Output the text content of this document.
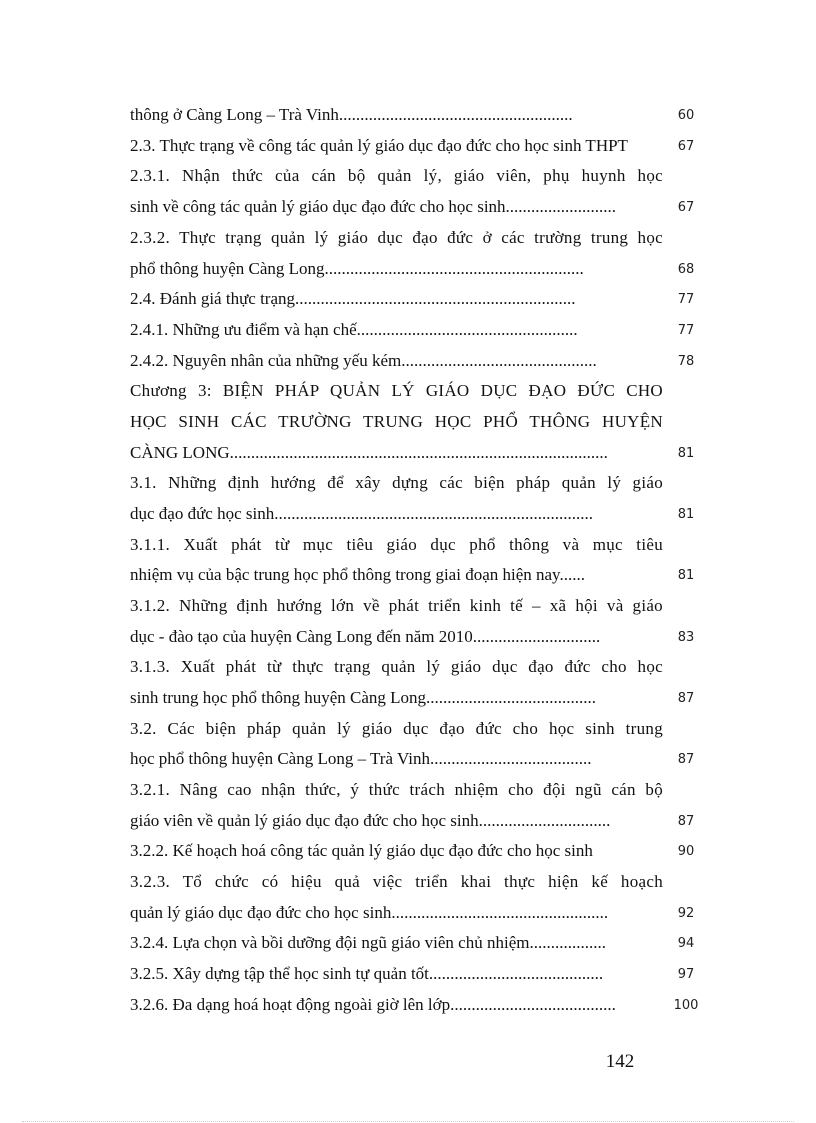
thông ở Càng Long – Trà Vinh.......................................................	60
2.3. Thực trạng về công tác quản lý giáo dục đạo đức cho học sinh THPT	67
2.3.1. Nhận thức của cán bộ quản lý, giáo viên, phụ huynh học
sinh về công tác quản lý giáo dục đạo đức cho học sinh..........................	67
2.3.2. Thực trạng quản lý giáo dục đạo đức ở các trường trung học
phổ thông huyện Càng Long.............................................................	68
2.4. Đánh giá thực trạng..................................................................	77
2.4.1. Những ưu điểm và hạn chế....................................................	77
2.4.2. Nguyên nhân của những yếu kém..............................................	78
Chương 3: BIỆN PHÁP QUẢN LÝ GIÁO DỤC ĐẠO ĐỨC CHO
HỌC SINH CÁC TRƯỜNG TRUNG HỌC PHỔ THÔNG HUYỆN
CÀNG LONG.........................................................................................	81
3.1. Những định hướng để xây dựng các biện pháp quản lý giáo
dục đạo đức học sinh...........................................................................	81
3.1.1. Xuất phát từ mục tiêu giáo dục phổ thông và mục tiêu
nhiệm vụ của bậc trung học phổ thông trong giai đoạn hiện nay......	81
3.1.2. Những định hướng lớn về phát triển kinh tế – xã hội và giáo
dục - đào tạo của huyện Càng Long đến năm 2010..............................	83
3.1.3. Xuất phát từ thực trạng quản lý giáo dục đạo đức cho học
sinh trung học phổ thông huyện Càng Long........................................	87
3.2. Các biện pháp quản lý giáo dục đạo đức cho học sinh trung
học phổ thông huyện Càng Long – Trà Vinh......................................	87
3.2.1. Nâng cao nhận thức, ý thức trách nhiệm cho đội ngũ cán bộ
giáo viên về quản lý giáo dục đạo đức cho học sinh...............................	87
3.2.2. Kế hoạch hoá công tác quản lý giáo dục đạo đức cho học sinh	90
3.2.3. Tổ chức có hiệu quả việc triển khai thực hiện kế hoạch
quản lý giáo dục đạo đức cho học sinh...................................................	92
3.2.4. Lựa chọn và bồi dưỡng đội ngũ giáo viên chủ nhiệm..................	94
3.2.5. Xây dựng tập thể học sinh tự quản tốt.........................................	97
3.2.6. Đa dạng hoá hoạt động ngoài giờ lên lớp.......................................	100
142
